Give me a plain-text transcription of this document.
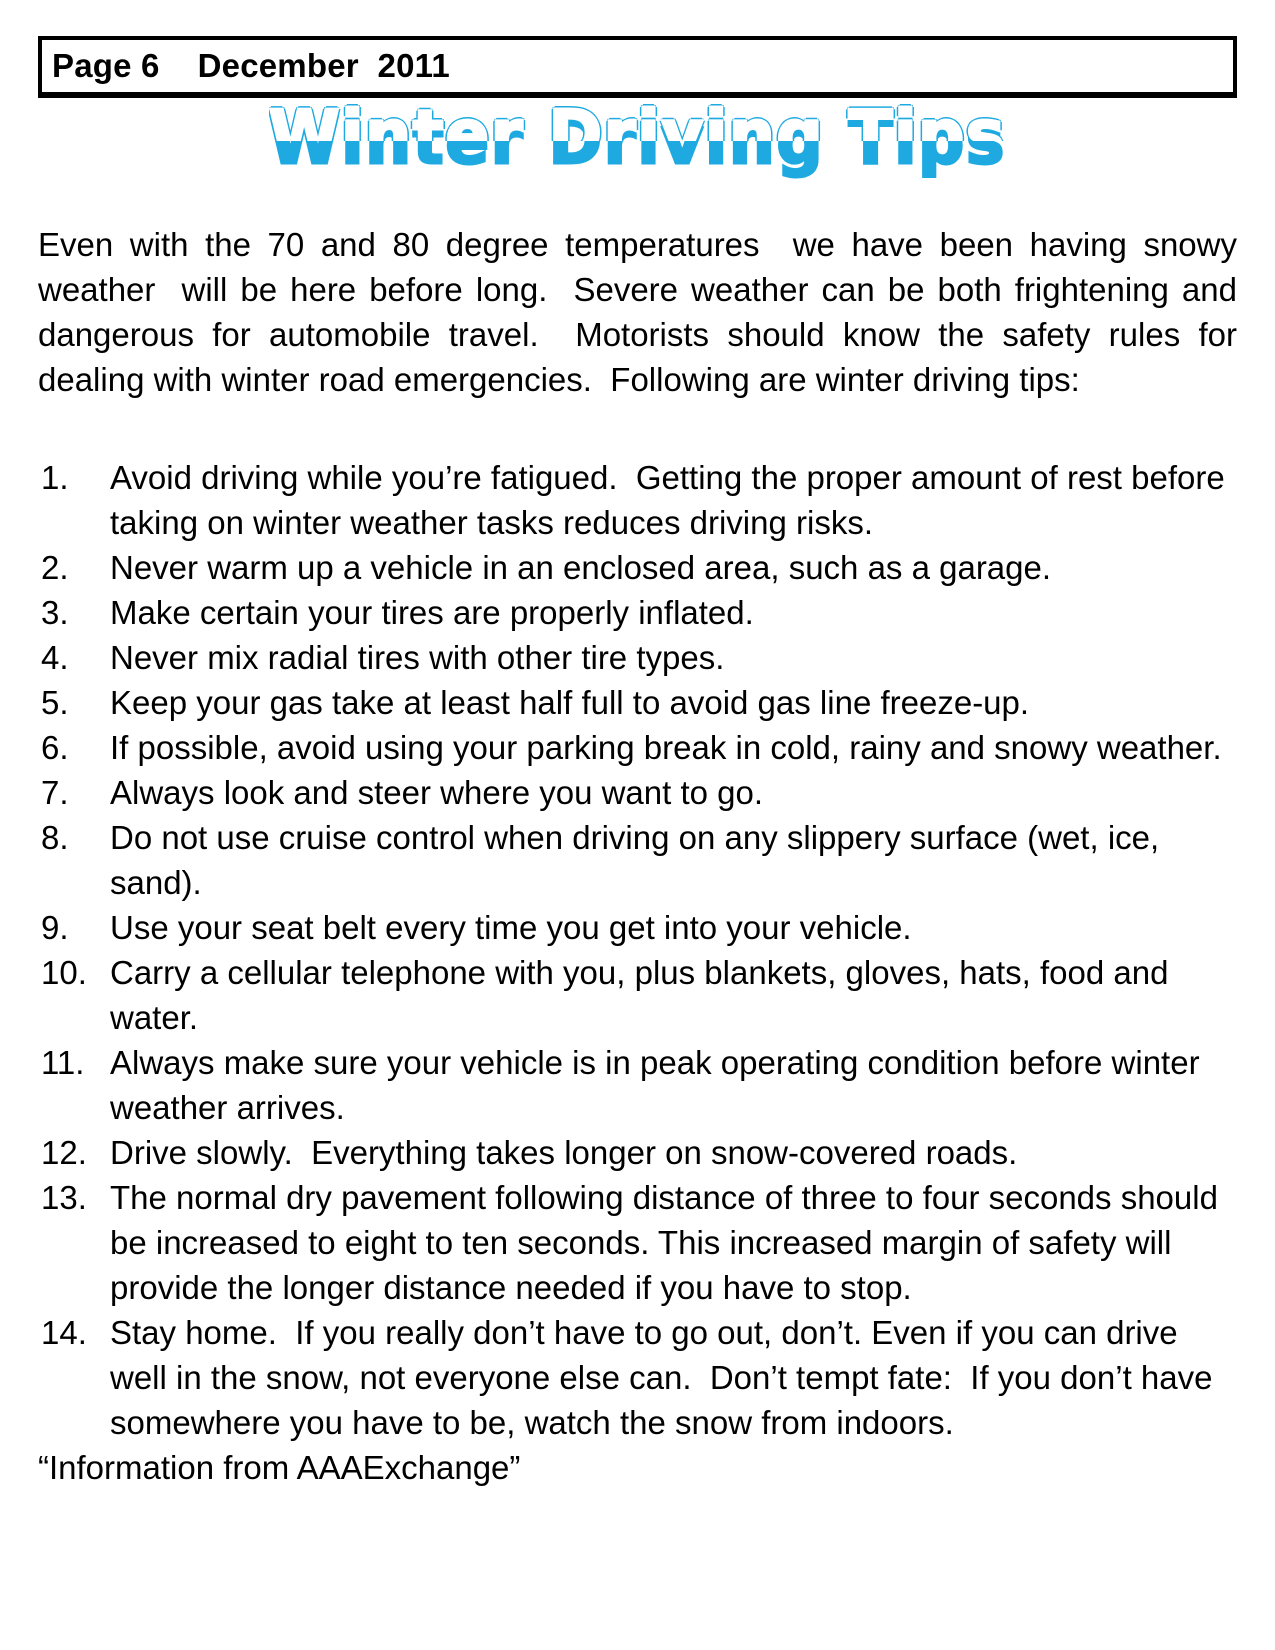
Page 6 December  2011
Winter Driving Tips Winter Driving Tips
Even with the 70 and 80 degree temperatures  we have been having snowy weather  will be here before long.  Severe weather can be both frightening and dangerous for automobile travel.  Motorists should know the safety rules for dealing with winter road emergencies.  Following are winter driving tips:
1.	Avoid driving while you’re fatigued.  Getting the proper amount of rest before taking on winter weather tasks reduces driving risks.
2.	Never warm up a vehicle in an enclosed area, such as a garage.
3.	Make certain your tires are properly inflated.
4.	Never mix radial tires with other tire types.
5.	Keep your gas take at least half full to avoid gas line freeze-up.
6.	If possible, avoid using your parking break in cold, rainy and snowy weather.
7.	Always look and steer where you want to go.
8.	Do not use cruise control when driving on any slippery surface (wet, ice, sand).
9.	Use your seat belt every time you get into your vehicle.
10. Carry a cellular telephone with you, plus blankets, gloves, hats, food and water.
11. Always make sure your vehicle is in peak operating condition before winter weather arrives.
12. Drive slowly.  Everything takes longer on snow-covered roads.
13. The normal dry pavement following distance of three to four seconds should be increased to eight to ten seconds. This increased margin of safety will provide the longer distance needed if you have to stop.
14. Stay home.  If you really don’t have to go out, don’t. Even if you can drive well in the snow, not everyone else can.  Don’t tempt fate:  If you don’t have somewhere you have to be, watch the snow from indoors.
“Information from AAAExchange”
